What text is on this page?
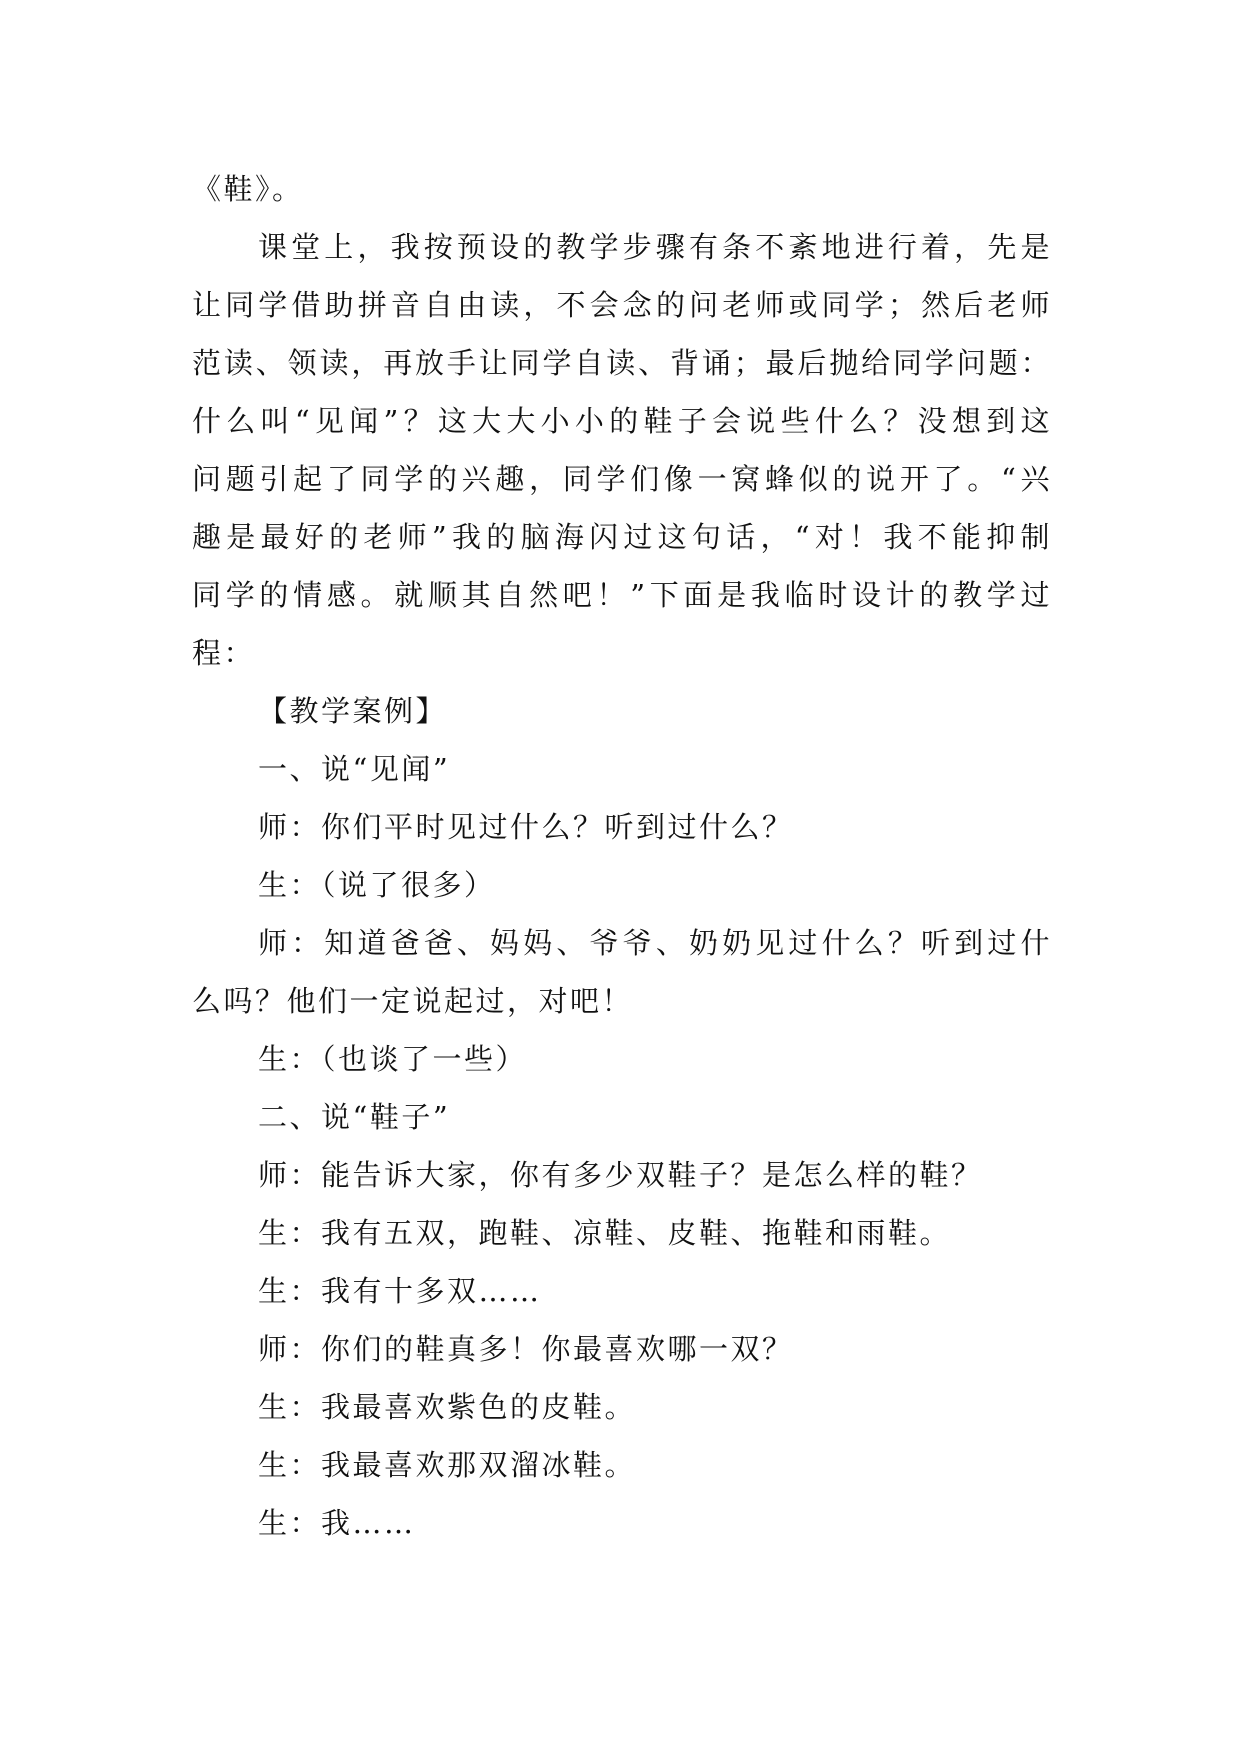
《鞋》。
课堂上，我按预设的教学步骤有条不紊地进行着，先是
让同学借助拼音自由读，不会念的问老师或同学；然后老师
范读、领读，再放手让同学自读、背诵；最后抛给同学问题：
什么叫“见闻”？这大大小小的鞋子会说些什么？没想到这
问题引起了同学的兴趣，同学们像一窝蜂似的说开了。“兴
趣是最好的老师”我的脑海闪过这句话，“对！我不能抑制
同学的情感。就顺其自然吧！”下面是我临时设计的教学过
程：
【教学案例】
一、说“见闻”
师：你们平时见过什么？听到过什么？
生：（说了很多）
师：知道爸爸、妈妈、爷爷、奶奶见过什么？听到过什
么吗？他们一定说起过，对吧！
生：（也谈了一些）
二、说“鞋子”
师：能告诉大家，你有多少双鞋子？是怎么样的鞋？
生：我有五双，跑鞋、凉鞋、皮鞋、拖鞋和雨鞋。
生：我有十多双……
师：你们的鞋真多！你最喜欢哪一双？
生：我最喜欢紫色的皮鞋。
生：我最喜欢那双溜冰鞋。
生：我……
